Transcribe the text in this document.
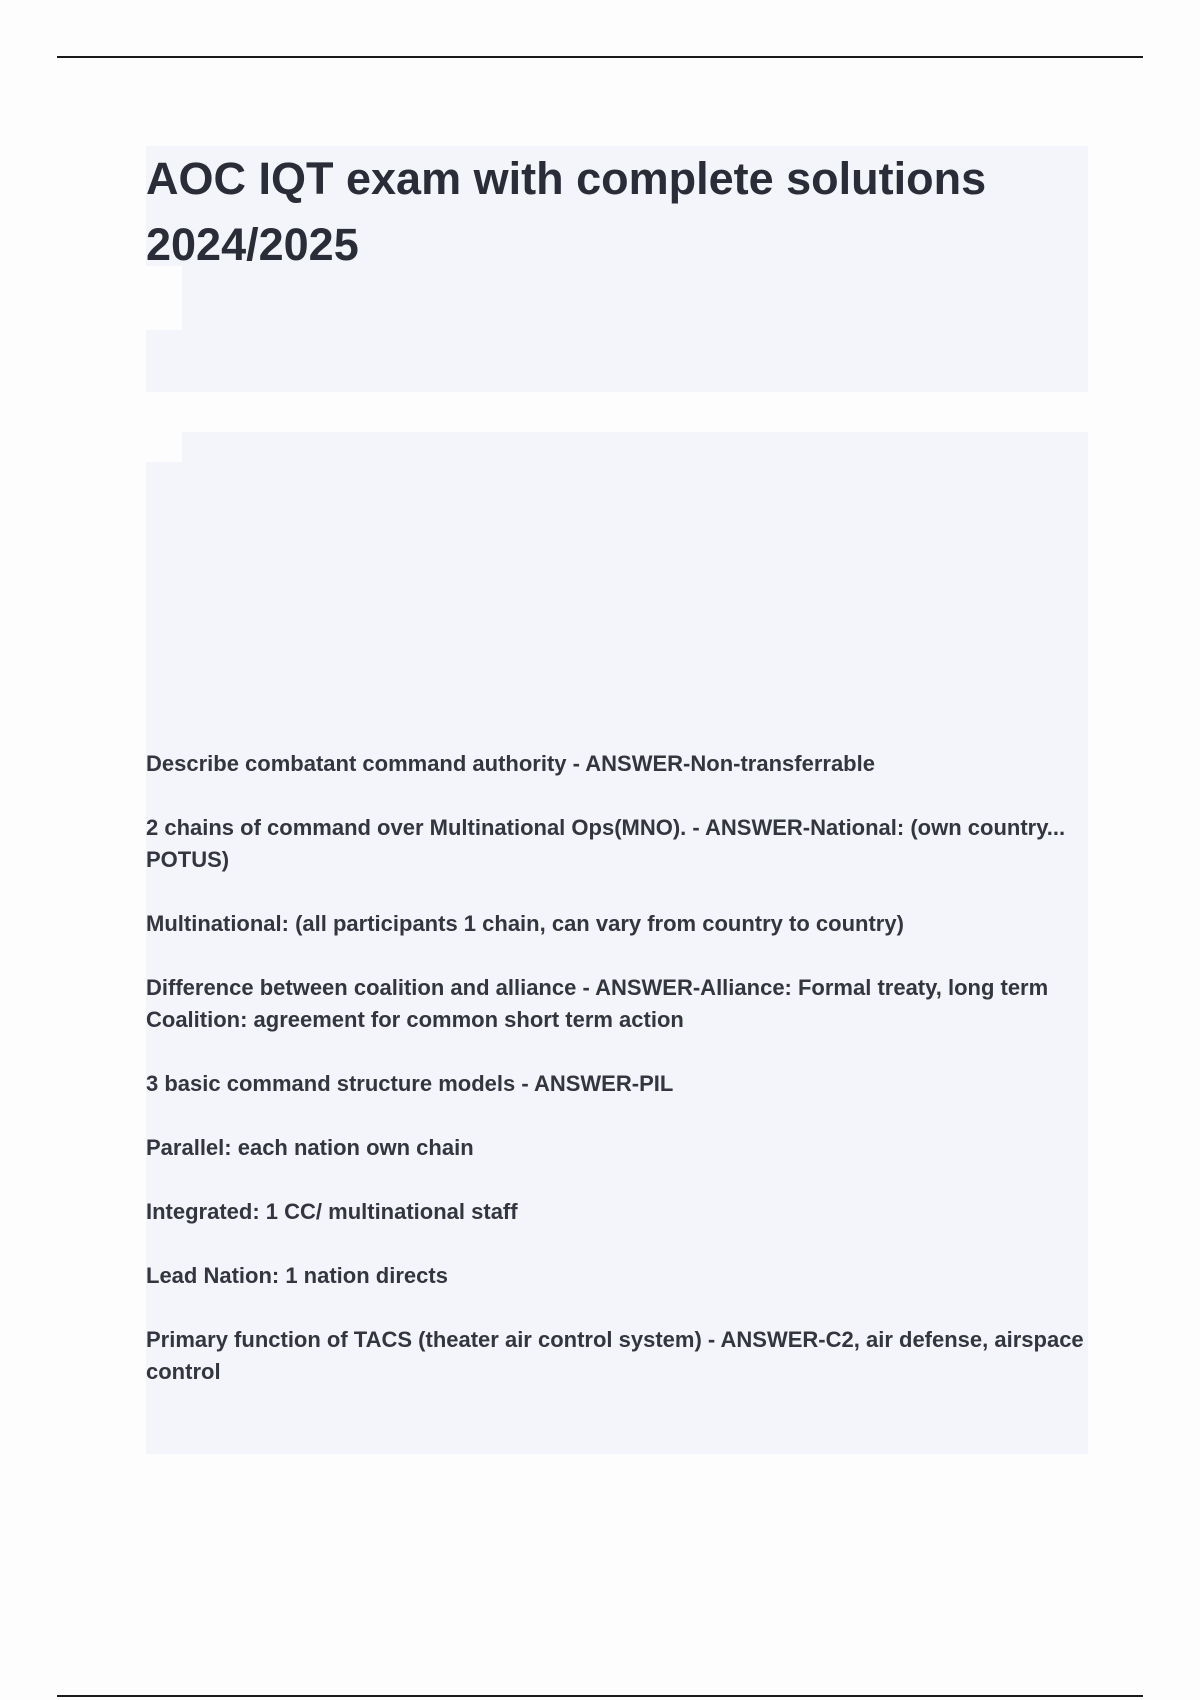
AOC IQT exam with complete solutions
2024/2025

Describe combatant command authority - ANSWER-Non-transferrable

2 chains of command over Multinational Ops(MNO). - ANSWER-National: (own country... POTUS)

Multinational: (all participants 1 chain, can vary from country to country)

Difference between coalition and alliance - ANSWER-Alliance: Formal treaty, long term

Coalition: agreement for common short term action

3 basic command structure models - ANSWER-PIL

Parallel: each nation own chain

Integrated: 1 CC/ multinational staff

Lead Nation: 1 nation directs

Primary function of TACS (theater air control system) - ANSWER-C2, air defense, airspace control
